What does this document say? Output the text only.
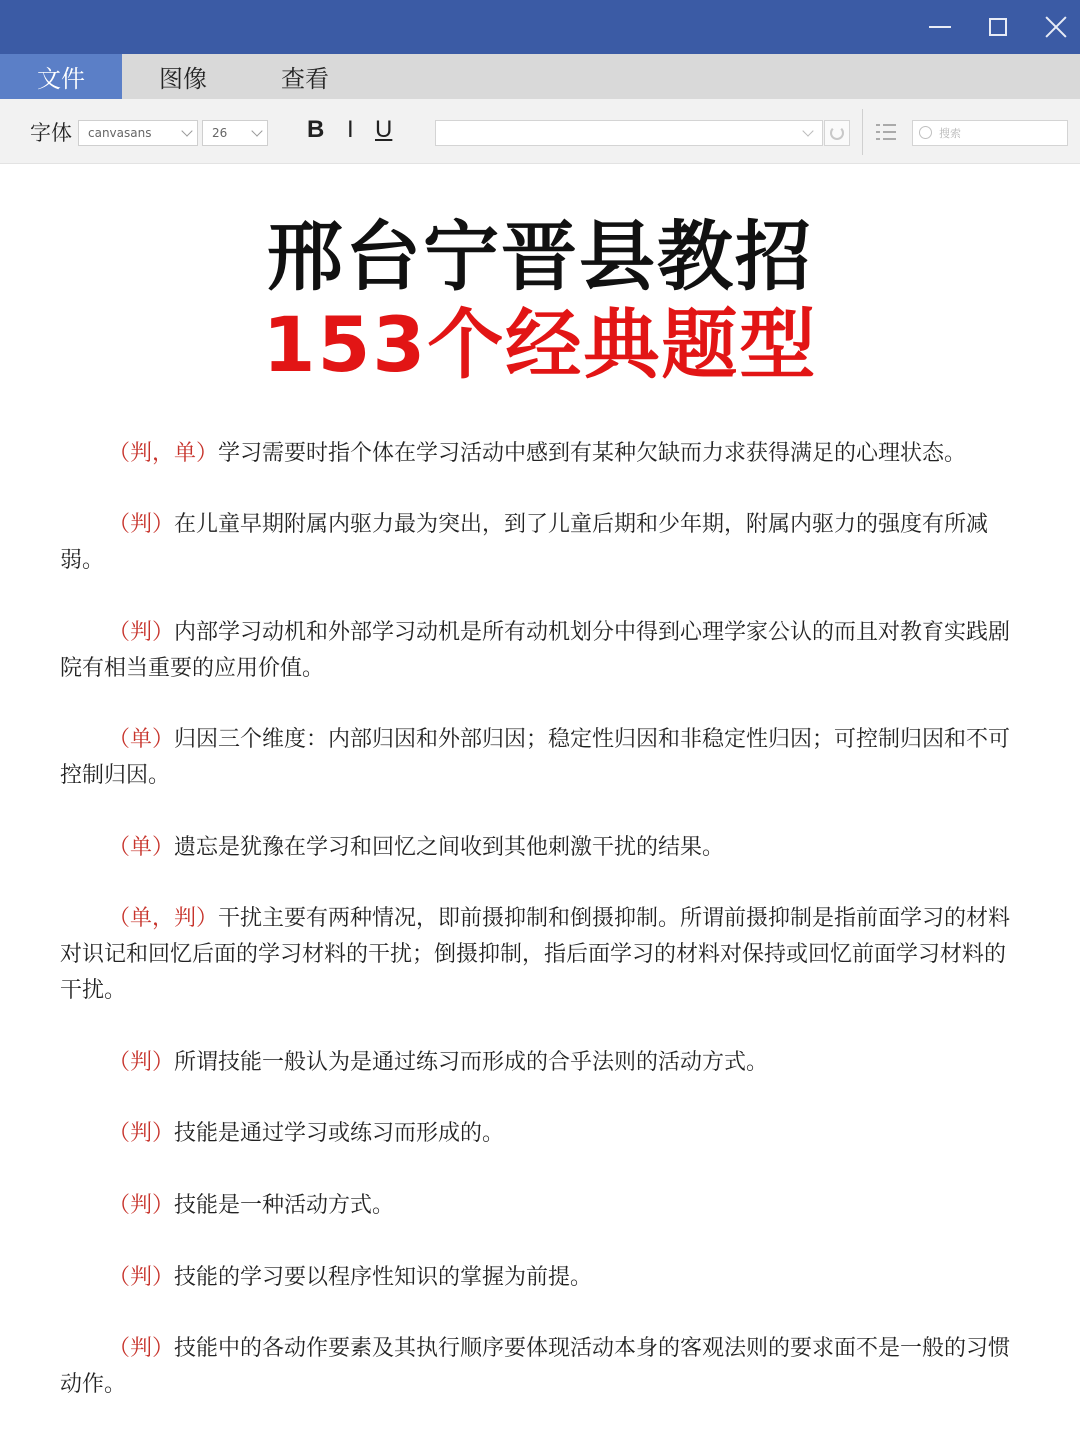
文件	图像	查看
字体 canvasans	26	B I U	搜索
邢台宁晋县教招
153个经典题型
（判，单）学习需要时指个体在学习活动中感到有某种欠缺而力求获得满足的心理状态。
（判）在儿童早期附属内驱力最为突出，到了儿童后期和少年期，附属内驱力的强度有所减弱。
（判）内部学习动机和外部学习动机是所有动机划分中得到心理学家公认的而且对教育实践剧院有相当重要的应用价值。
（单）归因三个维度：内部归因和外部归因；稳定性归因和非稳定性归因；可控制归因和不可控制归因。
（单）遗忘是犹豫在学习和回忆之间收到其他刺激干扰的结果。
（单，判）干扰主要有两种情况，即前摄抑制和倒摄抑制。所谓前摄抑制是指前面学习的材料对识记和回忆后面的学习材料的干扰；倒摄抑制，指后面学习的材料对保持或回忆前面学习材料的干扰。
（判）所谓技能一般认为是通过练习而形成的合乎法则的活动方式。
（判）技能是通过学习或练习而形成的。
（判）技能是一种活动方式。
（判）技能的学习要以程序性知识的掌握为前提。
（判）技能中的各动作要素及其执行顺序要体现活动本身的客观法则的要求面不是一般的习惯动作。
